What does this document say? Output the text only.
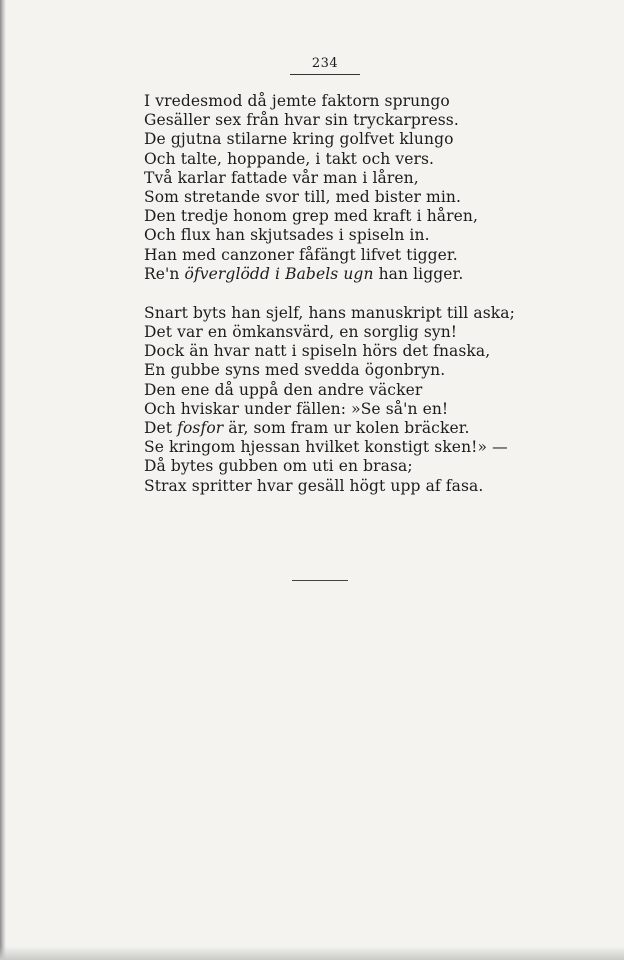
234
I vredesmod då jemte faktorn sprungo
Gesäller sex från hvar sin tryckarpress.
De gjutna stilarne kring golfvet klungo
Och talte, hoppande, i takt och vers.
Två karlar fattade vår man i låren,
Som stretande svor till, med bister min.
Den tredje honom grep med kraft i håren,
Och flux han skjutsades i spiseln in.
Han med canzoner fåfängt lifvet tigger.
Re'n öfverglödd i Babels ugn han ligger.
Snart byts han sjelf, hans manuskript till aska;
Det var en ömkansvärd, en sorglig syn!
Dock än hvar natt i spiseln hörs det fnaska,
En gubbe syns med svedda ögonbryn.
Den ene då uppå den andre väcker
Och hviskar under fällen: »Se så'n en!
Det fosfor är, som fram ur kolen bräcker.
Se kringom hjessan hvilket konstigt sken!» —
Då bytes gubben om uti en brasa;
Strax spritter hvar gesäll högt upp af fasa.
